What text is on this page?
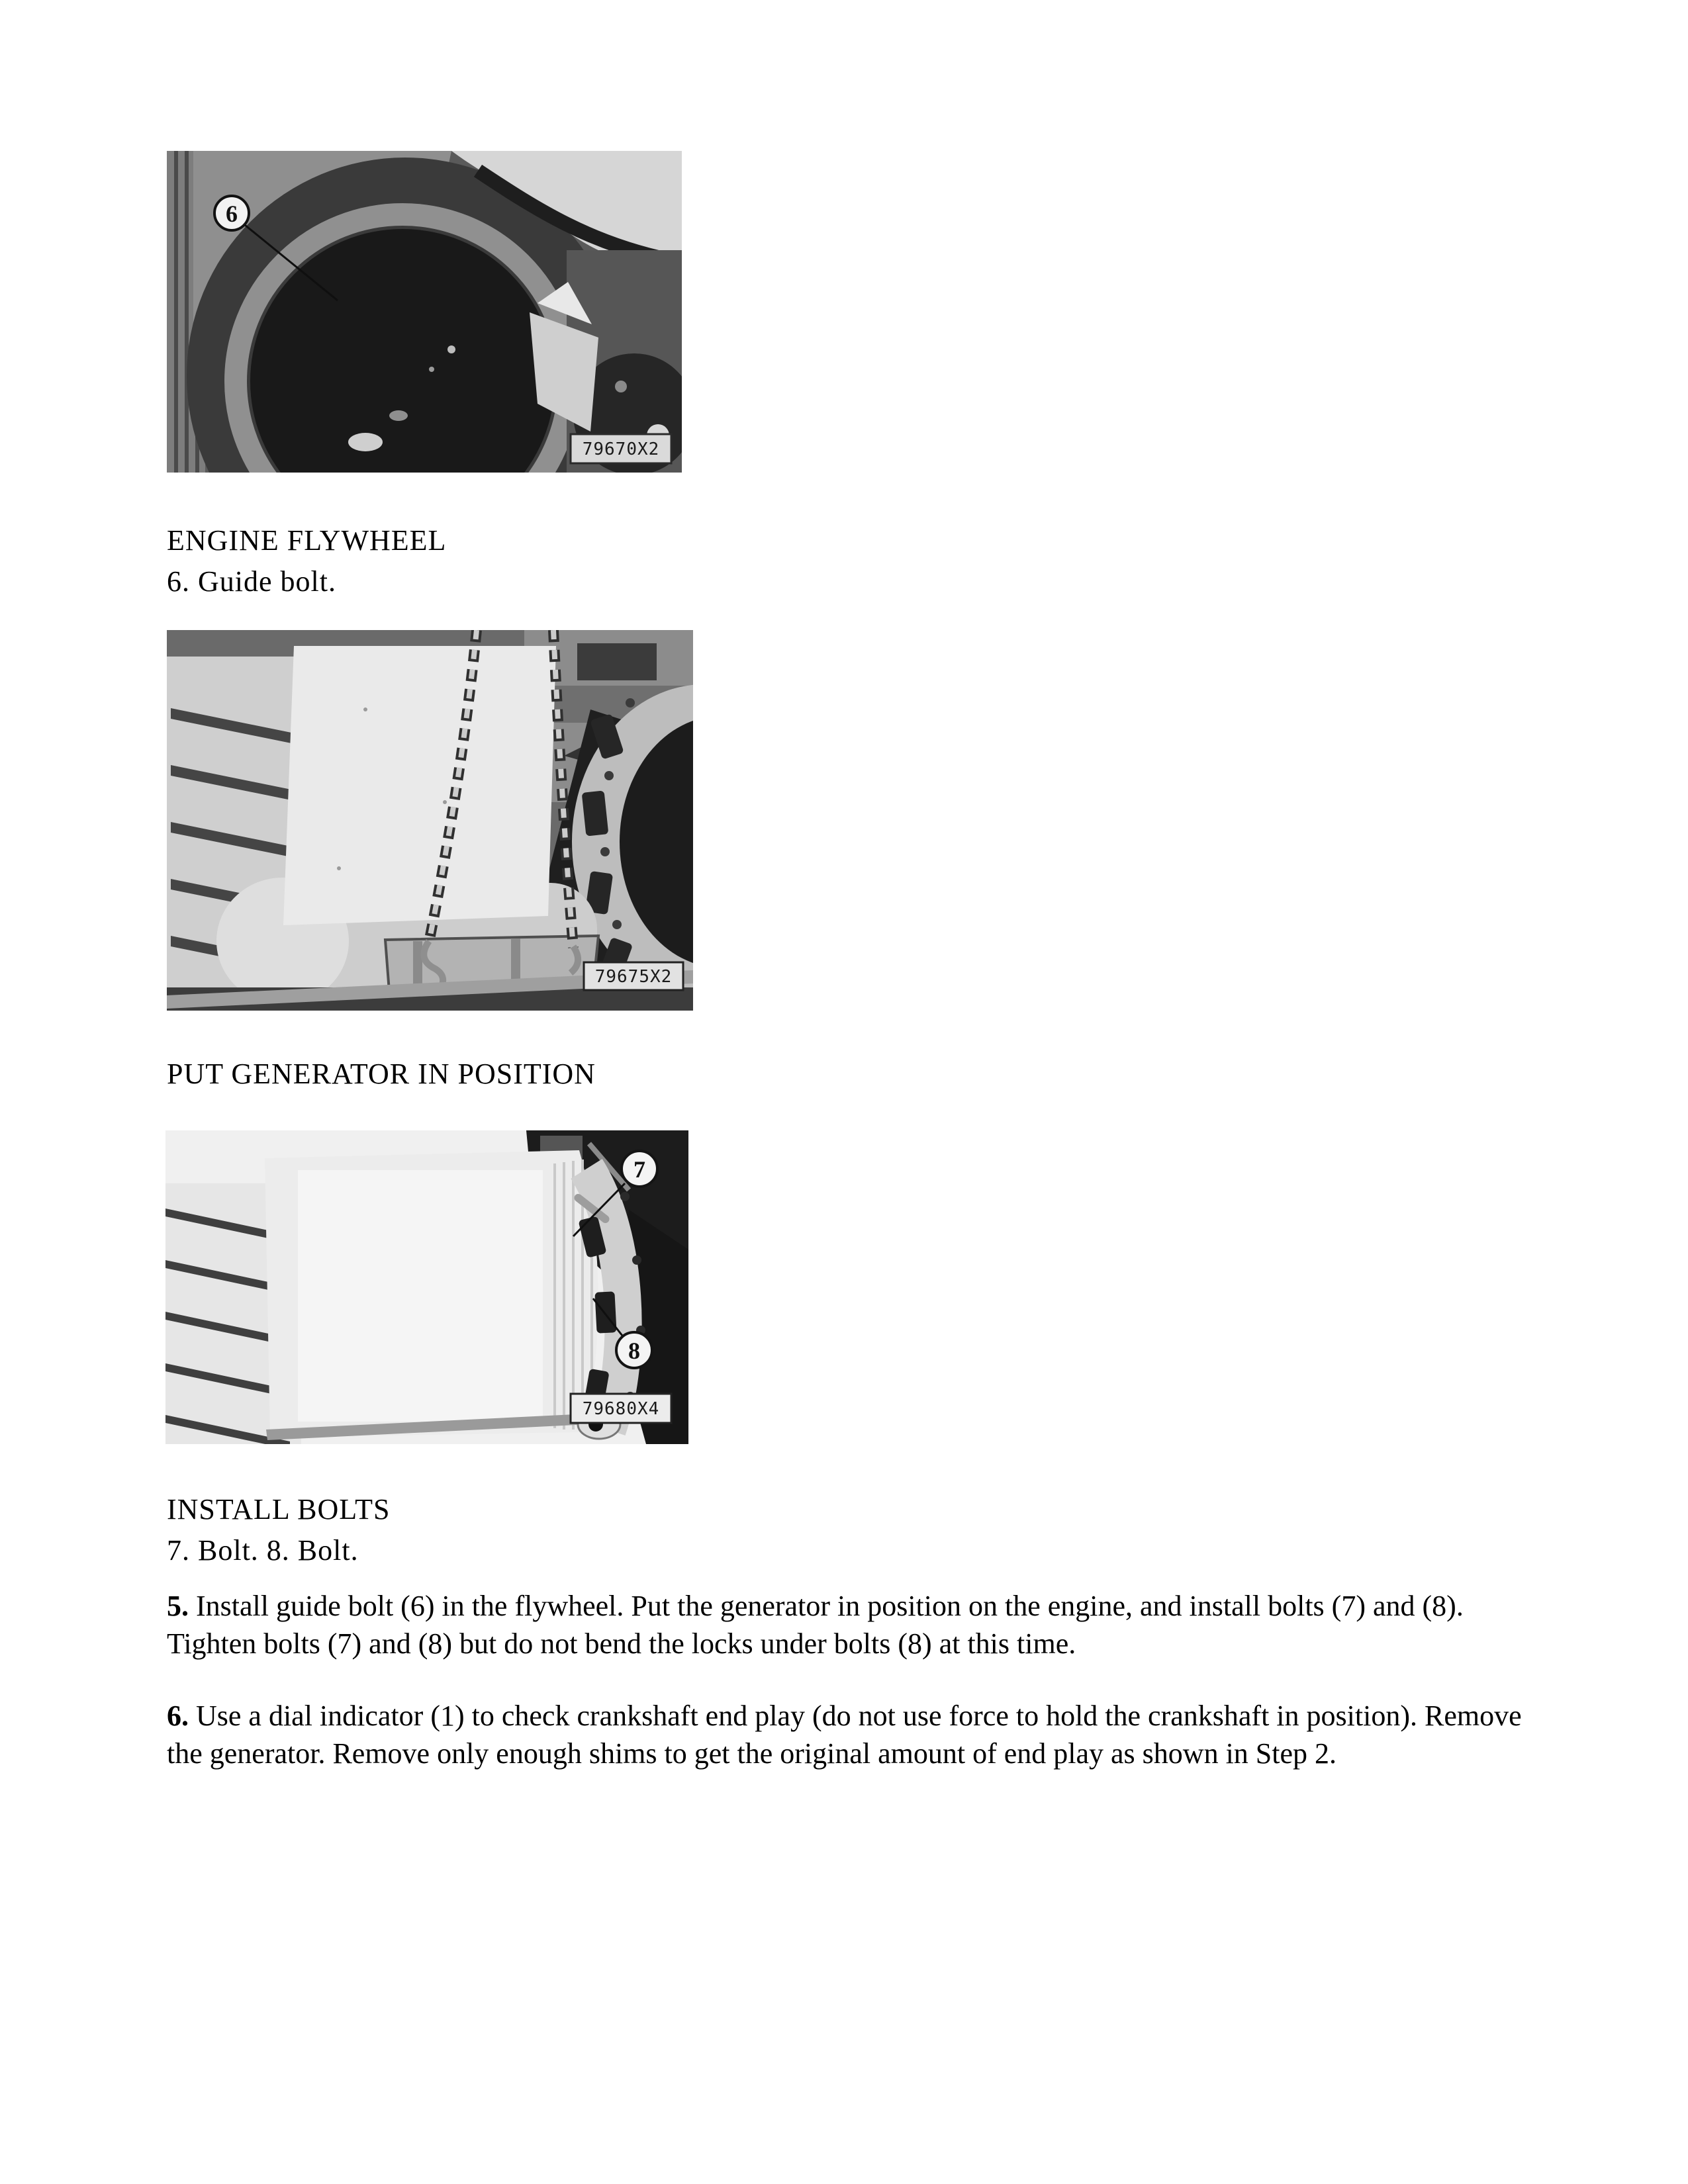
6
79670X2
ENGINE FLYWHEEL
6. Guide bolt.
79675X2
PUT GENERATOR IN POSITION
7
8
79680X4
INSTALL BOLTS
7. Bolt. 8. Bolt.

5. Install guide bolt (6) in the flywheel. Put the generator in position on the engine, and install bolts (7) and (8). Tighten bolts (7) and (8) but do not bend the locks under bolts (8) at this time.

6. Use a dial indicator (1) to check crankshaft end play (do not use force to hold the crankshaft in position). Remove the generator. Remove only enough shims to get the original amount of end play as shown in Step 2.
